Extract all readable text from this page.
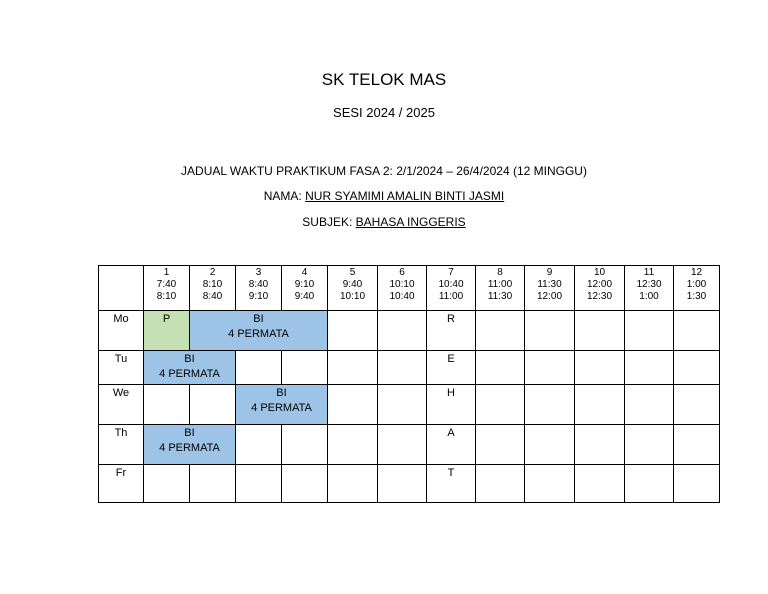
SK TELOK MAS
SESI 2024 / 2025
JADUAL WAKTU PRAKTIKUM FASA 2: 2/1/2024 – 26/4/2024 (12 MINGGU)
NAMA: NUR SYAMIMI AMALIN BINTI JASMI
SUBJEK: BAHASA INGGERIS

	1
7:40
8:10	2
8:10
8:40	3
8:40
9:10	4
9:10
9:40	5
9:40
10:10	6
10:10
10:40	7
10:40
11:00	8
11:00
11:30	9
11:30
12:00	10
12:00
12:30	11
12:30
1:00	12
1:00
1:30

Mo	P	BI
4 PERMATA					R					
Tu	BI
4 PERMATA						E					
We			BI
4 PERMATA				H					
Th	BI
4 PERMATA						A					
Fr							T					
